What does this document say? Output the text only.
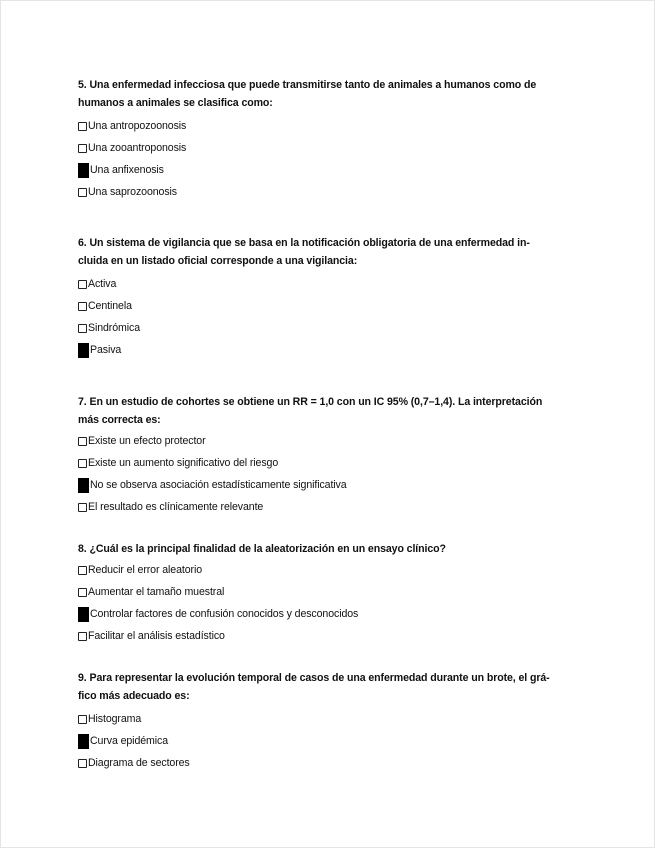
5. Una enfermedad infecciosa que puede transmitirse tanto de animales a humanos como de
humanos a animales se clasifica como:

Una antropozoonosis
Una zooantroponosis
Una anfixenosis
Una saprozoonosis

6. Un sistema de vigilancia que se basa en la notificación obligatoria de una enfermedad in-
cluida en un listado oficial corresponde a una vigilancia:

Activa
Centinela
Sindrómica
Pasiva

7. En un estudio de cohortes se obtiene un RR = 1,0 con un IC 95% (0,7–1,4). La interpretación
más correcta es:

Existe un efecto protector
Existe un aumento significativo del riesgo
No se observa asociación estadísticamente significativa
El resultado es clínicamente relevante

8. ¿Cuál es la principal finalidad de la aleatorización en un ensayo clínico?

Reducir el error aleatorio
Aumentar el tamaño muestral
Controlar factores de confusión conocidos y desconocidos
Facilitar el análisis estadístico

9. Para representar la evolución temporal de casos de una enfermedad durante un brote, el grá-
fico más adecuado es:

Histograma
Curva epidémica
Diagrama de sectores
